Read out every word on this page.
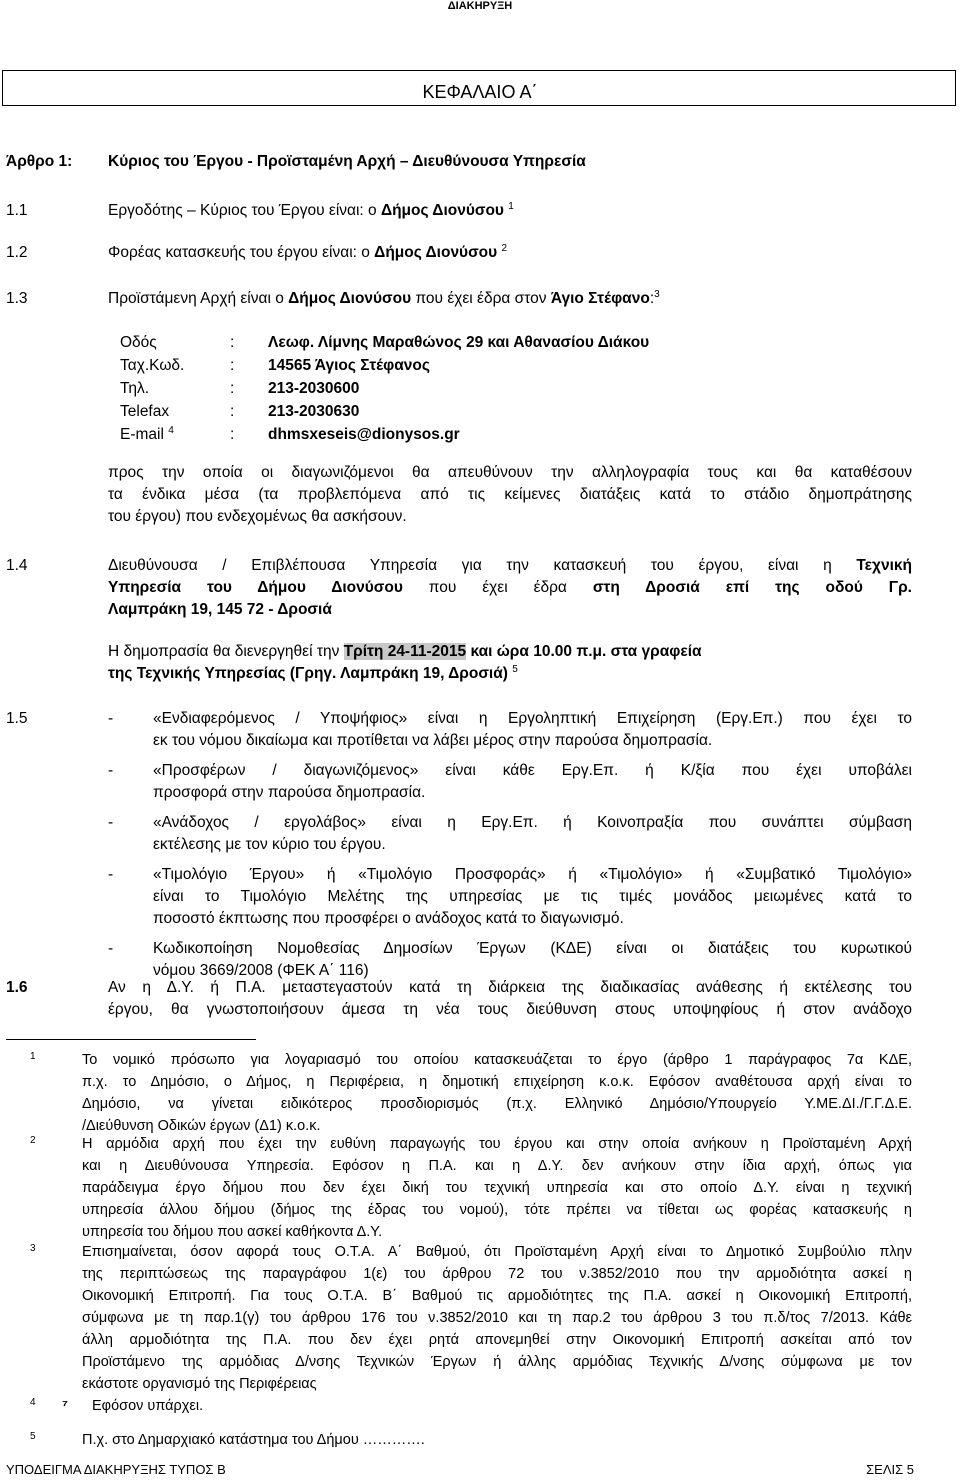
ΔΙΑΚΗΡΥΞΗ
ΚΕΦΑΛΑΙΟ Α΄
Άρθρο 1: Κύριος του Έργου - Προϊσταμένη Αρχή – Διευθύνουσα Υπηρεσία
1.1	Εργοδότης – Κύριος του Έργου είναι: ο Δήμος Διονύσου $^1$
1.2	Φορέας κατασκευής του έργου είναι: ο Δήμος Διονύσου $^2$
1.3	Προϊστάμενη Αρχή είναι ο Δήμος Διονύσου που έχει έδρα στον Άγιο Στέφανο:$^3$
Οδός	: Λεωφ. Λίμνης Μαραθώνος 29 και Αθανασίου Διάκου
Ταχ.Κωδ.	: 14565 Άγιος Στέφανος
Τηλ.	: 213-2030600
Telefax	: 213-2030630
E-mail $^4$	: dhmsxeseis@dionysos.gr
προς την οποία οι διαγωνιζόμενοι θα απευθύνουν την αλληλογραφία τους και θα καταθέσουν
τα ένδικα μέσα (τα προβλεπόμενα από τις κείμενες διατάξεις κατά το στάδιο δημοπράτησης
του έργου) που ενδεχομένως θα ασκήσουν.
1.4	Διευθύνουσα / Επιβλέπουσα Υπηρεσία για την κατασκευή του έργου, είναι η Τεχνική
Υπηρεσία του Δήμου Διονύσου που έχει έδρα στη Δροσιά επί της οδού Γρ.
Λαμπράκη 19, 145 72 - Δροσιά
Η δημοπρασία θα διενεργηθεί την Τρίτη 24-11-2015 και ώρα 10.00 π.μ. στα γραφεία
της Τεχνικής Υπηρεσίας (Γρηγ. Λαμπράκη 19, Δροσιά) $^5$
1.5	-	«Ενδιαφερόμενος / Υποψήφιος» είναι η Εργοληπτική Επιχείρηση (Εργ.Επ.) που έχει το
εκ του νόμου δικαίωμα και προτίθεται να λάβει μέρος στην παρούσα δημοπρασία.
-	«Προσφέρων / διαγωνιζόμενος» είναι κάθε Εργ.Επ. ή Κ/ξία που έχει υποβάλει
προσφορά στην παρούσα δημοπρασία.
-	«Ανάδοχος / εργολάβος» είναι η Εργ.Επ. ή Κοινοπραξία που συνάπτει σύμβαση
εκτέλεσης με τον κύριο του έργου.
-	«Τιμολόγιο Έργου» ή «Τιμολόγιο Προσφοράς» ή «Τιμολόγιο» ή «Συμβατικό Τιμολόγιο»
είναι το Τιμολόγιο Μελέτης της υπηρεσίας με τις τιμές μονάδος μειωμένες κατά το
ποσοστό έκπτωσης που προσφέρει ο ανάδοχος κατά το διαγωνισμό.
-	Κωδικοποίηση Νομοθεσίας Δημοσίων Έργων (ΚΔΕ) είναι οι διατάξεις του κυρωτικού
νόμου 3669/2008 (ΦΕΚ Α΄ 116)
1.6	Αν η Δ.Υ. ή Π.Α. μεταστεγαστούν κατά τη διάρκεια της διαδικασίας ανάθεσης ή εκτέλεσης του
έργου, θα γνωστοποιήσουν άμεσα τη νέα τους διεύθυνση στους υποψηφίους ή στον ανάδοχο
1	Το νομικό πρόσωπο για λογαριασμό του οποίου κατασκευάζεται το έργο (άρθρο 1 παράγραφος 7α ΚΔΕ,
π.χ. το Δημόσιο, ο Δήμος, η Περιφέρεια, η δημοτική επιχείρηση κ.ο.κ. Εφόσον αναθέτουσα αρχή είναι το
Δημόσιο, να γίνεται ειδικότερος προσδιορισμός (π.χ. Ελληνικό Δημόσιο/Υπουργείο Υ.ΜΕ.ΔΙ./Γ.Γ.Δ.Ε.
/Διεύθυνση Οδικών έργων (Δ1) κ.ο.κ.
2	Η αρμόδια αρχή που έχει την ευθύνη παραγωγής του έργου και στην οποία ανήκουν η Προϊσταμένη Αρχή
και η Διευθύνουσα Υπηρεσία. Εφόσον η Π.Α. και η Δ.Υ. δεν ανήκουν στην ίδια αρχή, όπως για
παράδειγμα έργο δήμου που δεν έχει δική του τεχνική υπηρεσία και στο οποίο Δ.Υ. είναι η τεχνική
υπηρεσία άλλου δήμου (δήμος της έδρας του νομού), τότε πρέπει να τίθεται ως φορέας κατασκευής η
υπηρεσία του δήμου που ασκεί καθήκοντα Δ.Υ.
3	Επισημαίνεται, όσον αφορά τους Ο.Τ.Α. Α΄ Βαθμού, ότι Προϊσταμένη Αρχή είναι το Δημοτικό Συμβούλιο πλην
της περιπτώσεως της παραγράφου 1(ε) του άρθρου 72 του ν.3852/2010 που την αρμοδιότητα ασκεί η
Οικονομική Επιτροπή. Για τους Ο.Τ.Α. Β΄ Βαθμού τις αρμοδιότητες της Π.Α. ασκεί η Οικονομική Επιτροπή,
σύμφωνα με τη παρ.1(γ) του άρθρου 176 του ν.3852/2010 και τη παρ.2 του άρθρου 3 του π.δ/τος 7/2013. Κάθε
άλλη αρμοδιότητα της Π.Α. που δεν έχει ρητά απονεμηθεί στην Οικονομική Επιτροπή ασκείται από τον
Προϊστάμενο της αρμόδιας Δ/νσης Τεχνικών Έργων ή άλλης αρμόδιας Τεχνικής Δ/νσης σύμφωνα με τον
εκάστοτε οργανισμό της Περιφέρειας
4 ⁷ Εφόσον υπάρχει.
5	Π.χ. στο Δημαρχιακό κατάστημα του Δήμου ………….
ΥΠΟΔΕΙΓΜΑ ΔΙΑΚΗΡΥΞΗΣ ΤΥΠΟΣ Β	ΣΕΛΙΣ 5
